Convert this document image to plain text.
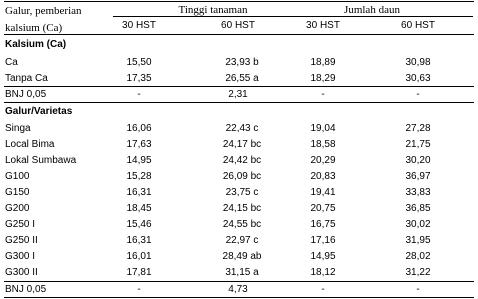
Galur, pemberian
kalsium (Ca)
Tinggi tanaman	Jumlah daun
30 HST	60 HST	30 HST	60 HST
Kalsium (Ca)
Ca	15,50	23,93 b	18,89	30,98
Tanpa Ca	17,35	26,55 a	18,29	30,63
BNJ 0,05	-	2,31	-	-
Galur/Varietas
Singa	16,06	22,43 c	19,04	27,28
Local Bima	17,63	24,17 bc	18,58	21,75
Lokal Sumbawa	14,95	24,42 bc	20,29	30,20
G100	15,28	26,09 bc	20,83	36,97
G150	16,31	23,75 c	19,41	33,83
G200	18,45	24,15 bc	20,75	36,85
G250 I	15,46	24,55 bc	16,75	30,02
G250 II	16,31	22,97 c	17,16	31,95
G300 I	16,01	28,49 ab	14,95	28,02
G300 II	17,81	31,15 a	18,12	31,22
BNJ 0,05	-	4,73	-	-
